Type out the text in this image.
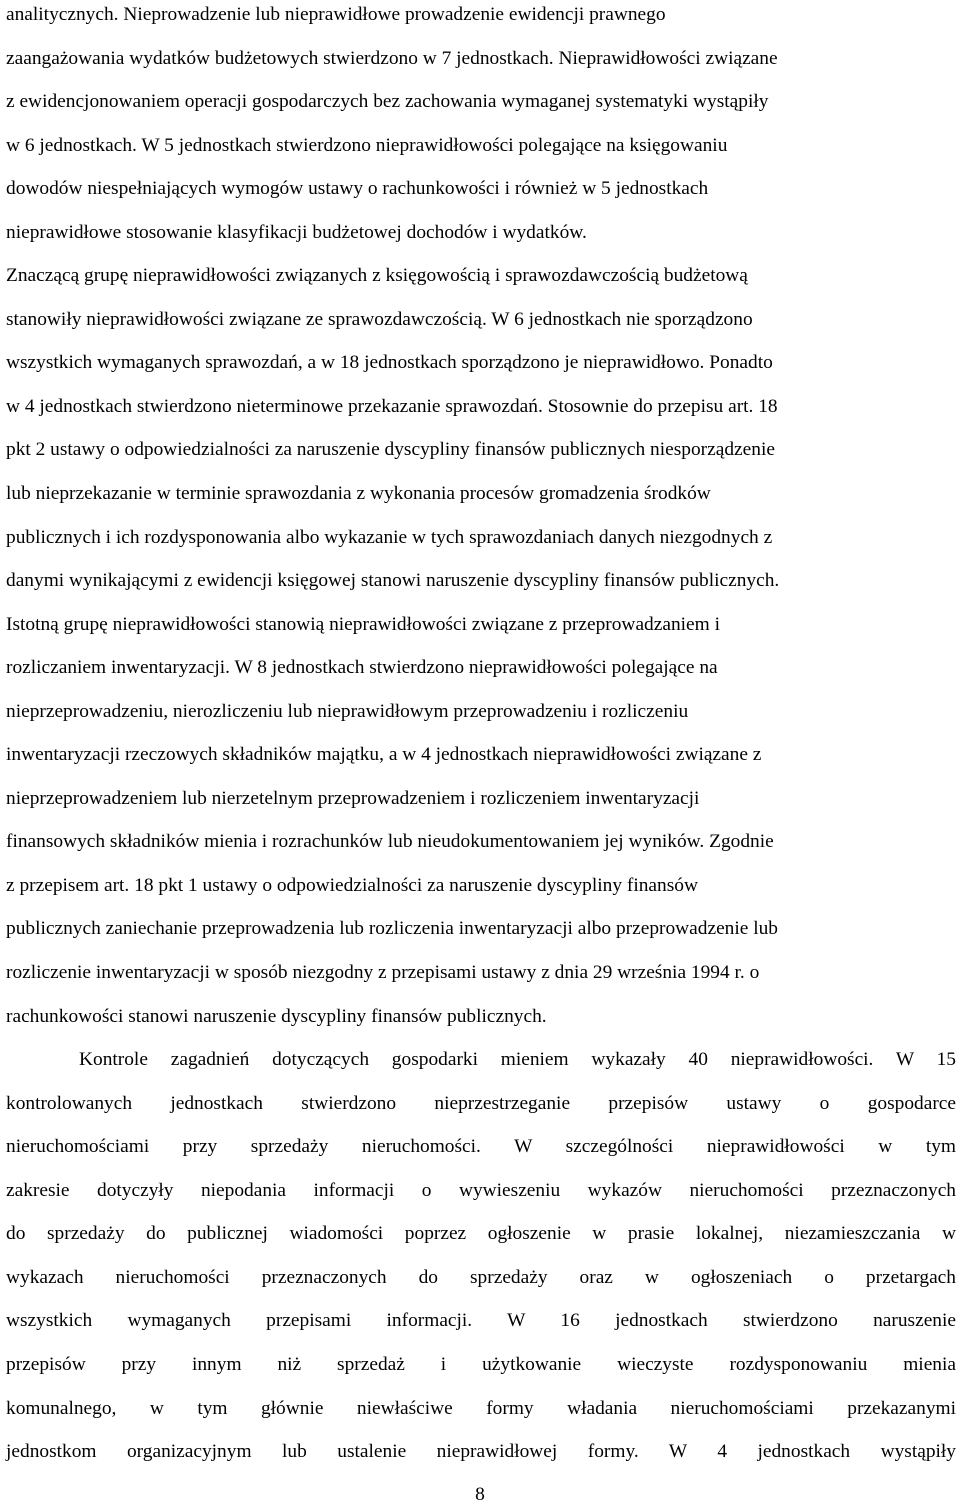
analitycznych. Nieprowadzenie lub nieprawidłowe prowadzenie ewidencji prawnego
zaangażowania wydatków budżetowych stwierdzono w 7 jednostkach. Nieprawidłowości związane
z ewidencjonowaniem operacji gospodarczych bez zachowania wymaganej systematyki wystąpiły
w 6 jednostkach. W 5 jednostkach stwierdzono nieprawidłowości polegające na księgowaniu
dowodów niespełniających wymogów ustawy o rachunkowości i również w 5 jednostkach
nieprawidłowe stosowanie klasyfikacji budżetowej dochodów i wydatków.

Znaczącą grupę nieprawidłowości związanych z księgowością i sprawozdawczością budżetową
stanowiły nieprawidłowości związane ze sprawozdawczością. W 6 jednostkach nie sporządzono
wszystkich wymaganych sprawozdań, a w 18 jednostkach sporządzono je nieprawidłowo. Ponadto
w 4 jednostkach stwierdzono nieterminowe przekazanie sprawozdań. Stosownie do przepisu art. 18
pkt 2 ustawy o odpowiedzialności za naruszenie dyscypliny finansów publicznych niesporządzenie
lub nieprzekazanie w terminie sprawozdania z wykonania procesów gromadzenia środków
publicznych i ich rozdysponowania albo wykazanie w tych sprawozdaniach danych niezgodnych z
danymi wynikającymi z ewidencji księgowej stanowi naruszenie dyscypliny finansów publicznych.

Istotną grupę nieprawidłowości stanowią nieprawidłowości związane z przeprowadzaniem i
rozliczaniem inwentaryzacji. W 8 jednostkach stwierdzono nieprawidłowości polegające na
nieprzeprowadzeniu, nierozliczeniu lub nieprawidłowym przeprowadzeniu i rozliczeniu
inwentaryzacji rzeczowych składników majątku, a w 4 jednostkach nieprawidłowości związane z
nieprzeprowadzeniem lub nierzetelnym przeprowadzeniem i rozliczeniem inwentaryzacji
finansowych składników mienia i rozrachunków lub nieudokumentowaniem jej wyników. Zgodnie
z przepisem art. 18 pkt 1 ustawy o odpowiedzialności za naruszenie dyscypliny finansów
publicznych zaniechanie przeprowadzenia lub rozliczenia inwentaryzacji albo przeprowadzenie lub
rozliczenie inwentaryzacji w sposób niezgodny z przepisami ustawy z dnia 29 września 1994 r. o
rachunkowości stanowi naruszenie dyscypliny finansów publicznych.

Kontrole zagadnień dotyczących gospodarki mieniem wykazały 40 nieprawidłowości. W 15
kontrolowanych jednostkach stwierdzono nieprzestrzeganie przepisów ustawy o gospodarce
nieruchomościami przy sprzedaży nieruchomości. W szczególności nieprawidłowości w tym
zakresie dotyczyły niepodania informacji o wywieszeniu wykazów nieruchomości przeznaczonych
do sprzedaży do publicznej wiadomości poprzez ogłoszenie w prasie lokalnej, niezamieszczania w
wykazach nieruchomości przeznaczonych do sprzedaży oraz w ogłoszeniach o przetargach
wszystkich wymaganych przepisami informacji. W 16 jednostkach stwierdzono naruszenie
przepisów przy innym niż sprzedaż i użytkowanie wieczyste rozdysponowaniu mienia
komunalnego, w tym głównie niewłaściwe formy władania nieruchomościami przekazanymi
jednostkom organizacyjnym lub ustalenie nieprawidłowej formy. W 4 jednostkach wystąpiły

8
